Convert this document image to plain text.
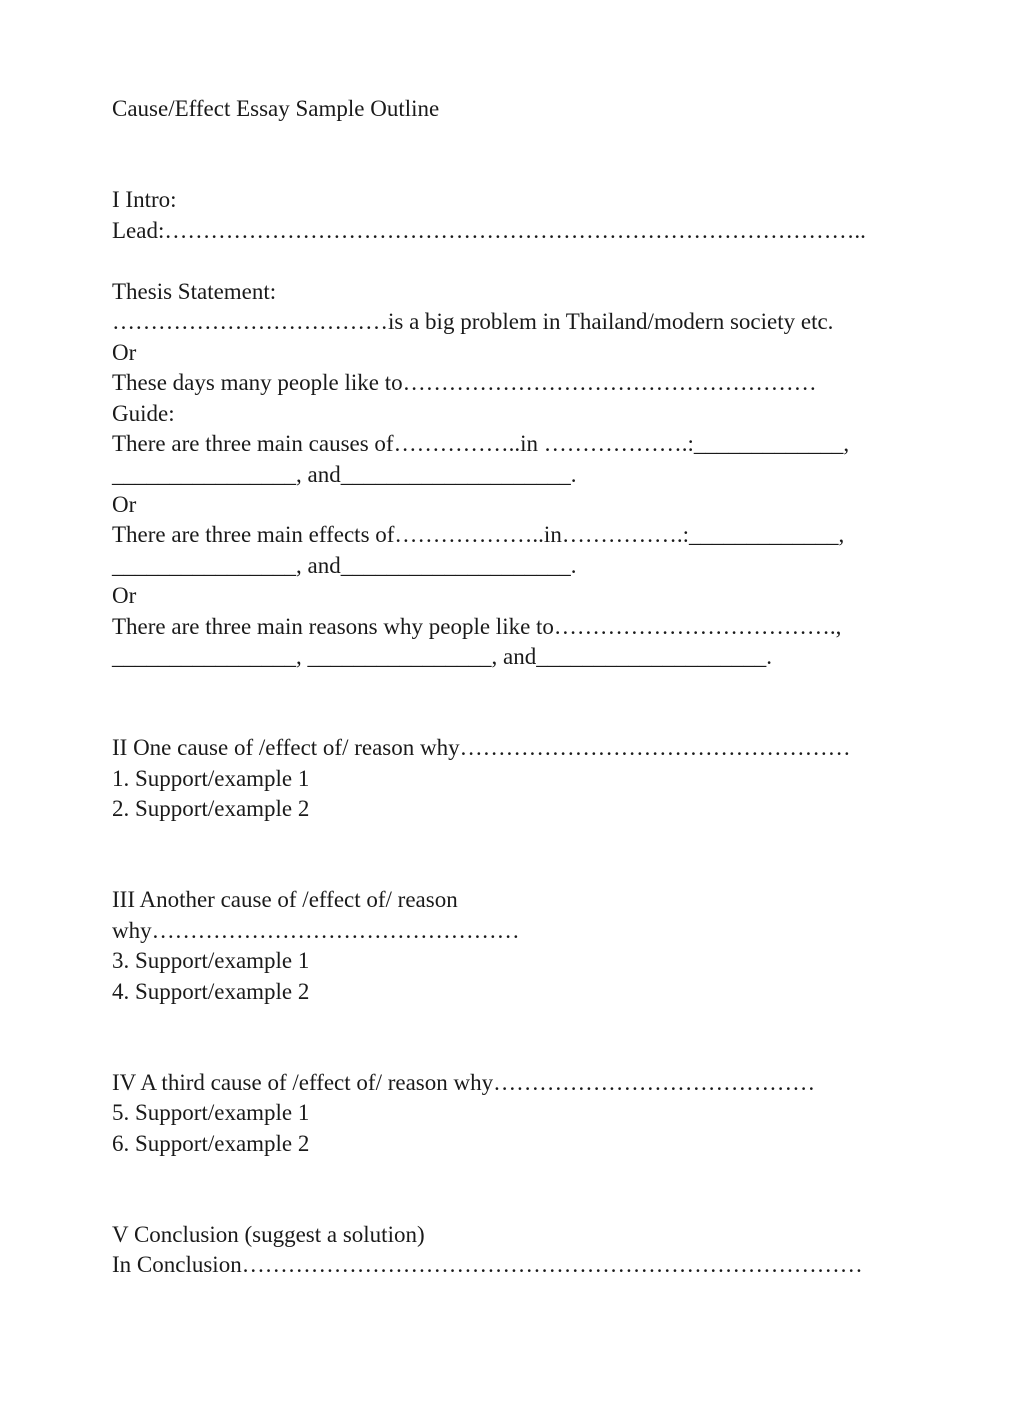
Cause/Effect Essay Sample Outline
I Intro:
Lead:………………………………………………………………………………..
Thesis Statement:
………………………………is a big problem in Thailand/modern society etc.
Or
These days many people like to………………………………………………
Guide:
There are three main causes of……………..in ……………….:_____________,
________________, and____________________.
Or
There are three main effects of………………..in…………….:_____________,
________________, and____________________.
Or
There are three main reasons why people like to……………………………….,
________________, ________________, and____________________.
II One cause of /effect of/ reason why……………………………………………
1. Support/example 1
2. Support/example 2
III Another cause of /effect of/ reason
why…………………………………………
3. Support/example 1
4. Support/example 2
IV A third cause of /effect of/ reason why……………………………………
5. Support/example 1
6. Support/example 2
V Conclusion (suggest a solution)
In Conclusion………………………………………………………………………
